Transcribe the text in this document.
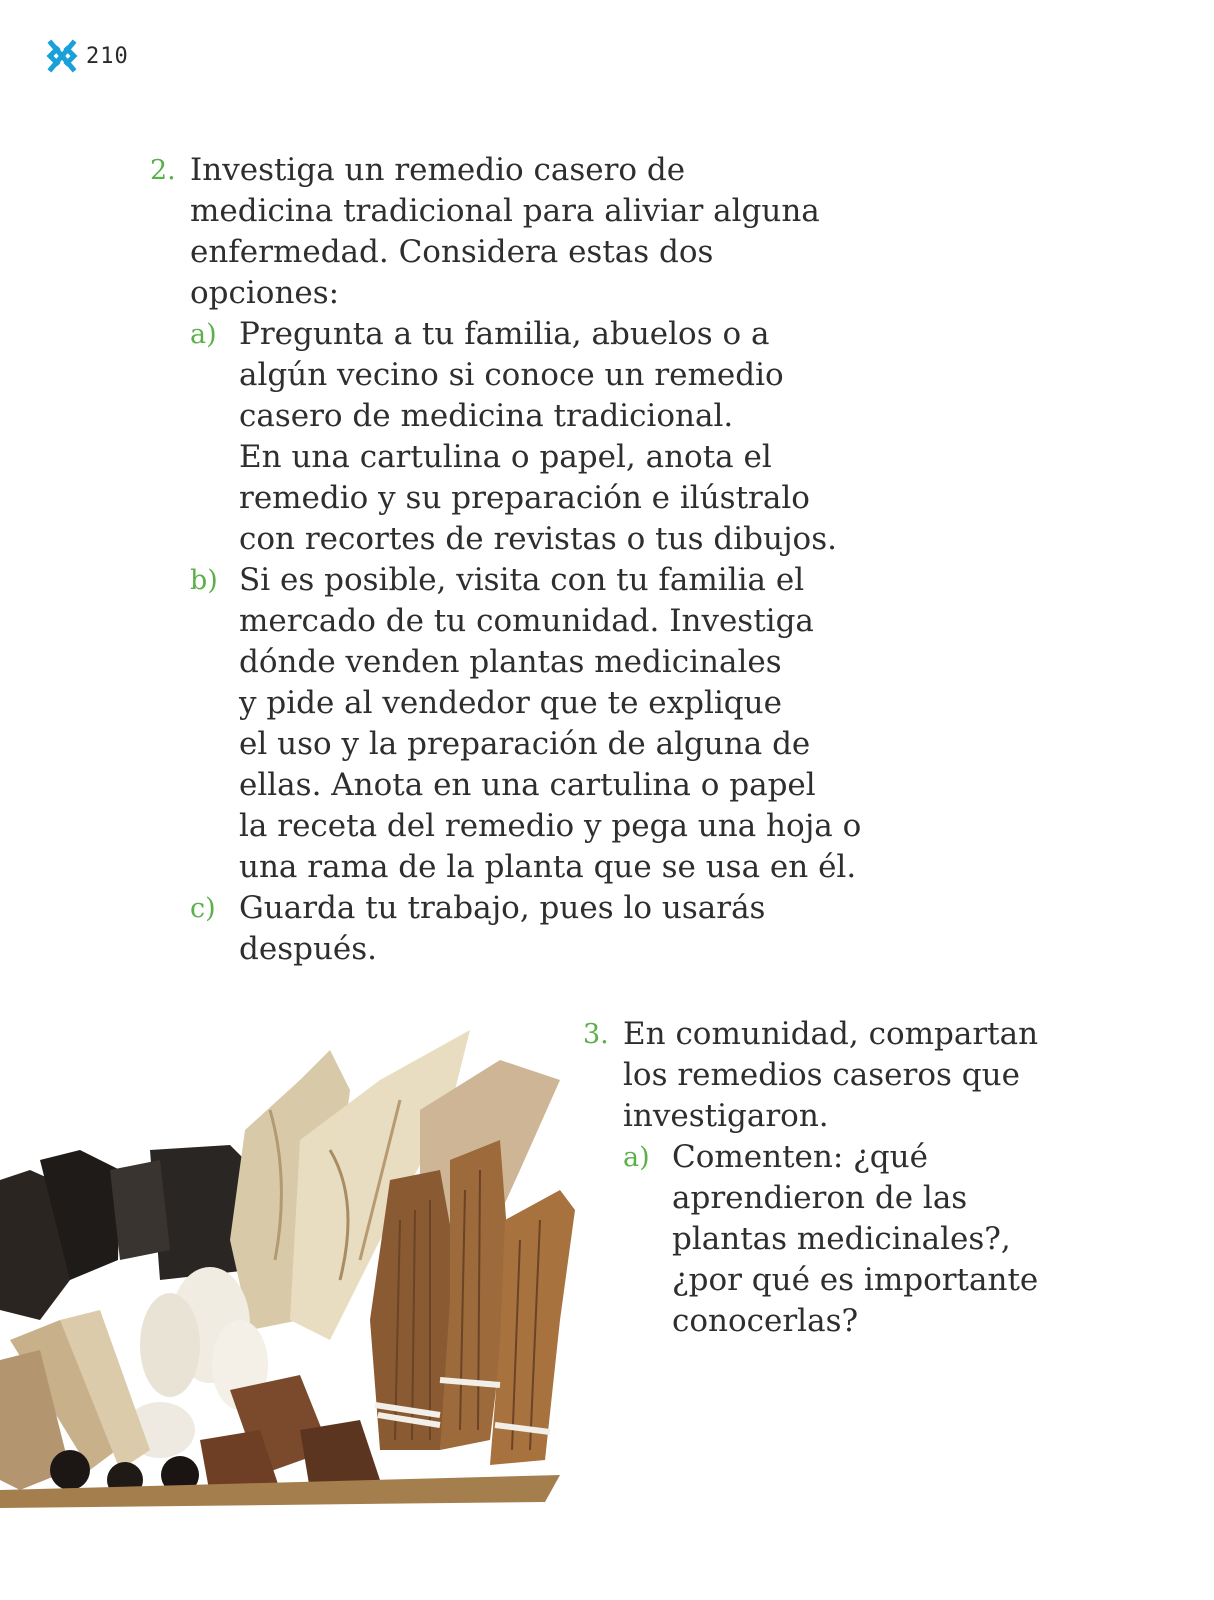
210
2. Investiga un remedio casero de
medicina tradicional para aliviar alguna
enfermedad. Considera estas dos
opciones:
a) Pregunta a tu familia, abuelos o a
algún vecino si conoce un remedio
casero de medicina tradicional.
En una cartulina o papel, anota el
remedio y su preparación e ilústralo
con recortes de revistas o tus dibujos.
b) Si es posible, visita con tu familia el
mercado de tu comunidad. Investiga
dónde venden plantas medicinales
y pide al vendedor que te explique
el uso y la preparación de alguna de
ellas. Anota en una cartulina o papel
la receta del remedio y pega una hoja o
una rama de la planta que se usa en él.
c) Guarda tu trabajo, pues lo usarás
después.
3. En comunidad, compartan
los remedios caseros que
investigaron.
a) Comenten: ¿qué
aprendieron de las
plantas medicinales?,
¿por qué es importante
conocerlas?
